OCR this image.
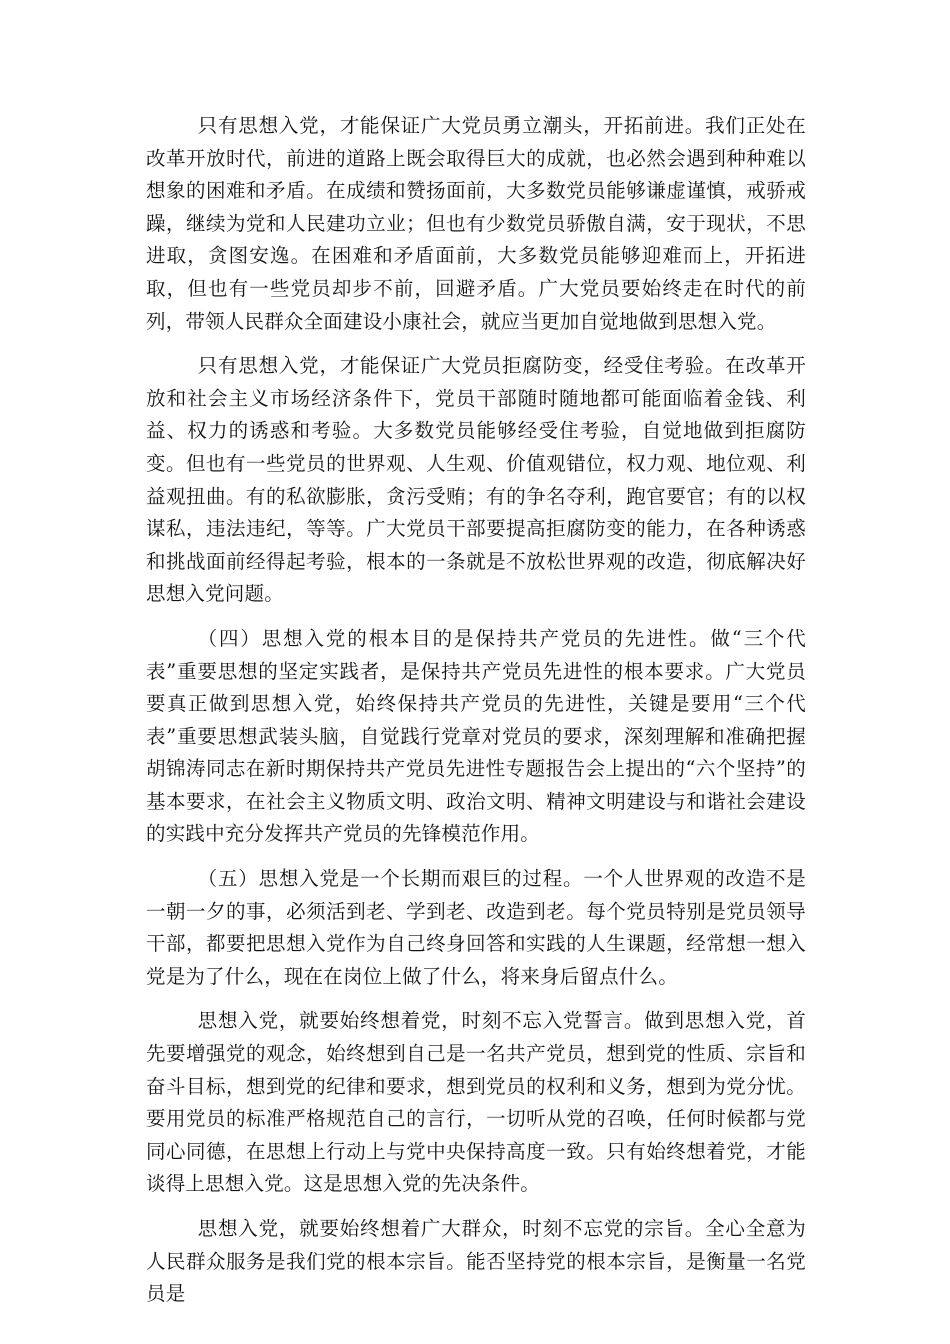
只有思想入党，才能保证广大党员勇立潮头，开拓前进。我们正处在改革开放时代，前进的道路上既会取得巨大的成就，也必然会遇到种种难以想象的困难和矛盾。在成绩和赞扬面前，大多数党员能够谦虚谨慎，戒骄戒躁，继续为党和人民建功立业；但也有少数党员骄傲自满，安于现状，不思进取，贪图安逸。在困难和矛盾面前，大多数党员能够迎难而上，开拓进取，但也有一些党员却步不前，回避矛盾。广大党员要始终走在时代的前列，带领人民群众全面建设小康社会，就应当更加自觉地做到思想入党。

只有思想入党，才能保证广大党员拒腐防变，经受住考验。在改革开放和社会主义市场经济条件下，党员干部随时随地都可能面临着金钱、利益、权力的诱惑和考验。大多数党员能够经受住考验，自觉地做到拒腐防变。但也有一些党员的世界观、人生观、价值观错位，权力观、地位观、利益观扭曲。有的私欲膨胀，贪污受贿；有的争名夺利，跑官要官；有的以权谋私，违法违纪，等等。广大党员干部要提高拒腐防变的能力，在各种诱惑和挑战面前经得起考验，根本的一条就是不放松世界观的改造，彻底解决好思想入党问题。

（四）思想入党的根本目的是保持共产党员的先进性。做“三个代表”重要思想的坚定实践者，是保持共产党员先进性的根本要求。广大党员要真正做到思想入党，始终保持共产党员的先进性，关键是要用“三个代表”重要思想武装头脑，自觉践行党章对党员的要求，深刻理解和准确把握胡锦涛同志在新时期保持共产党员先进性专题报告会上提出的“六个坚持”的基本要求，在社会主义物质文明、政治文明、精神文明建设与和谐社会建设的实践中充分发挥共产党员的先锋模范作用。

（五）思想入党是一个长期而艰巨的过程。一个人世界观的改造不是一朝一夕的事，必须活到老、学到老、改造到老。每个党员特别是党员领导干部，都要把思想入党作为自己终身回答和实践的人生课题，经常想一想入党是为了什么，现在在岗位上做了什么，将来身后留点什么。

思想入党，就要始终想着党，时刻不忘入党誓言。做到思想入党，首先要增强党的观念，始终想到自己是一名共产党员，想到党的性质、宗旨和奋斗目标，想到党的纪律和要求，想到党员的权利和义务，想到为党分忧。要用党员的标准严格规范自己的言行，一切听从党的召唤，任何时候都与党同心同德，在思想上行动上与党中央保持高度一致。只有始终想着党，才能谈得上思想入党。这是思想入党的先决条件。

思想入党，就要始终想着广大群众，时刻不忘党的宗旨。全心全意为人民群众服务是我们党的根本宗旨。能否坚持党的根本宗旨，是衡量一名党员是
